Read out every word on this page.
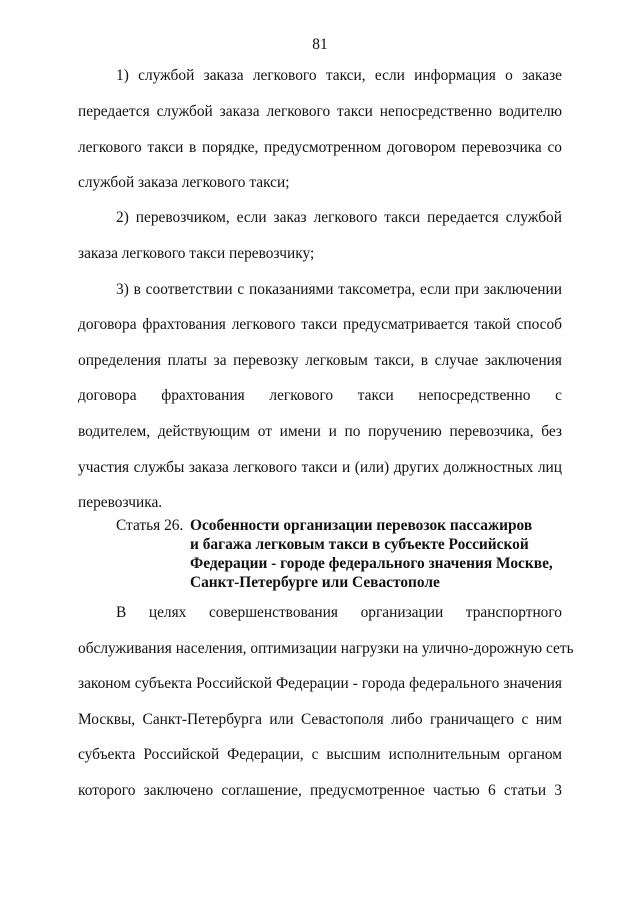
81
1) службой заказа легкового такси, если информация о заказе
передается службой заказа легкового такси непосредственно водителю
легкового такси в порядке, предусмотренном договором перевозчика со
службой заказа легкового такси;
2) перевозчиком, если заказ легкового такси передается службой
заказа легкового такси перевозчику;
3) в соответствии с показаниями таксометра, если при заключении
договора фрахтования легкового такси предусматривается такой способ
определения платы за перевозку легковым такси, в случае заключения
договора фрахтования легкового такси непосредственно с
водителем, действующим от имени и по поручению перевозчика, без
участия службы заказа легкового такси и (или) других должностных лиц
перевозчика.
Статья 26. Особенности организации перевозок пассажиров
и багажа легковым такси в субъекте Российской
Федерации - городе федерального значения Москве,
Санкт-Петербурге или Севастополе
В целях совершенствования организации транспортного
обслуживания населения, оптимизации нагрузки на улично-дорожную сеть
законом субъекта Российской Федерации - города федерального значения
Москвы, Санкт-Петербурга или Севастополя либо граничащего с ним
субъекта Российской Федерации, с высшим исполнительным органом
которого заключено соглашение, предусмотренное частью 6 статьи 3
